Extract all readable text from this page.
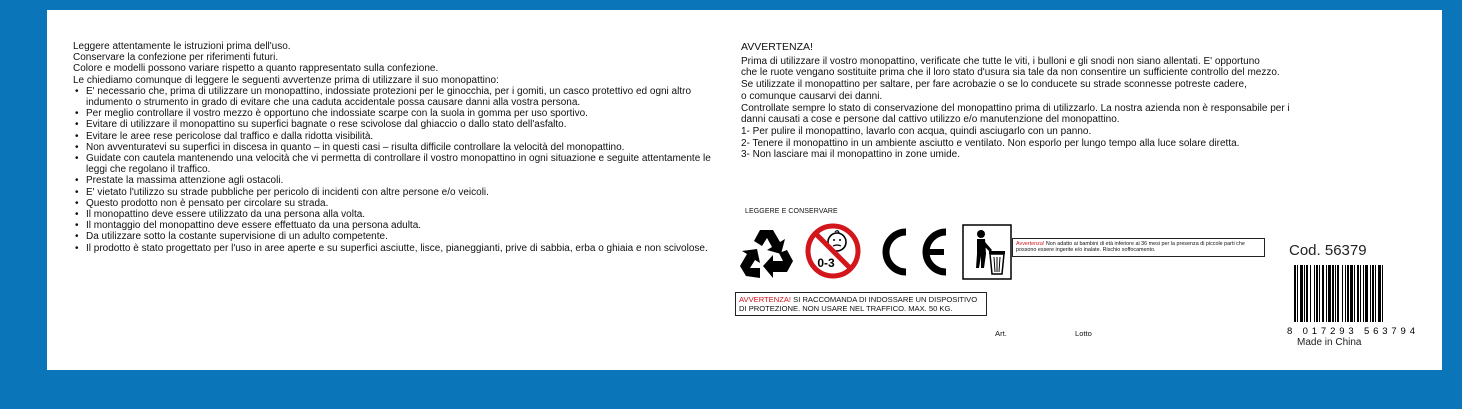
Leggere attentamente le istruzioni prima dell'uso.

Conservare la confezione per riferimenti futuri.

Colore e modelli possono variare rispetto a quanto rappresentato sulla confezione.

Le chiediamo comunque di leggere le seguenti avvertenze prima di utilizzare il suo monopattino:

• E' necessario che, prima di utilizzare un monopattino, indossiate protezioni per le ginocchia, per i gomiti, un casco protettivo ed ogni altro indumento o strumento in grado di evitare che una caduta accidentale possa causare danni alla vostra persona.
• Per meglio controllare il vostro mezzo è opportuno che indossiate scarpe con la suola in gomma per uso sportivo.
• Evitare di utilizzare il monopattino su superfici bagnate o rese scivolose dal ghiaccio o dallo stato dell'asfalto.
• Evitare le aree rese pericolose dal traffico e dalla ridotta visibilità.
• Non avventuratevi su superfici in discesa in quanto – in questi casi – risulta difficile controllare la velocità del monopattino.
• Guidate con cautela mantenendo una velocità che vi permetta di controllare il vostro monopattino in ogni situazione e seguite attentamente le leggi che regolano il traffico.
• Prestate la massima attenzione agli ostacoli.
• E' vietato l'utilizzo su strade pubbliche per pericolo di incidenti con altre persone e/o veicoli.
• Questo prodotto non è pensato per circolare su strada.
• Il monopattino deve essere utilizzato da una persona alla volta.
• Il montaggio del monopattino deve essere effettuato da una persona adulta.
• Da utilizzare sotto la costante supervisione di un adulto competente.
• Il prodotto è stato progettato per l'uso in aree aperte e su superfici asciutte, lisce, pianeggianti, prive di sabbia, erba o ghiaia e non scivolose.

AVVERTENZA!

Prima di utilizzare il vostro monopattino, verificate che tutte le viti, i bulloni e gli snodi non siano allentati. E' opportuno

che le ruote vengano sostituite prima che il loro stato d'usura sia tale da non consentire un sufficiente controllo del mezzo.

Se utilizzate il monopattino per saltare, per fare acrobazie o se lo conducete su strade sconnesse potreste cadere,

o comunque causarvi dei danni.

Controllate sempre lo stato di conservazione del monopattino prima di utilizzarlo. La nostra azienda non è responsabile per i

danni causati a cose e persone dal cattivo utilizzo e/o manutenzione del monopattino.

1- Per pulire il monopattino, lavarlo con acqua, quindi asciugarlo con un panno.

2- Tenere il monopattino in un ambiente asciutto e ventilato. Non esporlo per lungo tempo alla luce solare diretta.

3- Non lasciare mai il monopattino in zone umide.

LEGGERE E CONSERVARE
0-3
Avvertenza! Non adatto ai bambini di età inferiore ai 36 mesi per la presenza di piccole parti che possono essere ingerite e/o inalate. Rischio soffocamento.
AVVERTENZA! SI RACCOMANDA DI INDOSSARE UN DISPOSITIVO DI PROTEZIONE. NON USARE NEL TRAFFICO. MAX. 50 KG.
Art.	Lotto
Cod. 56379
8 017293 563794
Made in China
